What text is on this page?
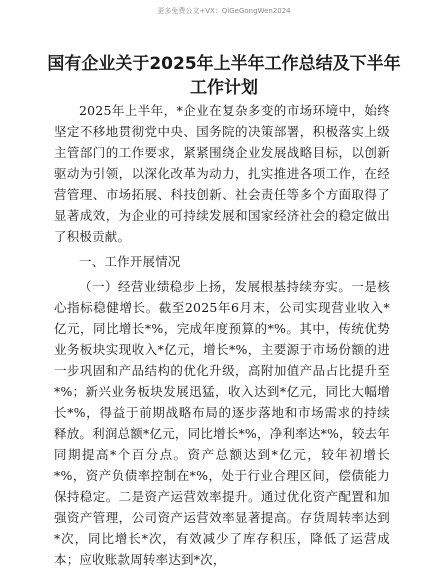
更多免费公文+VX：QiGeGongWen2024
国有企业关于2025年上半年工作总结及下半年工作计划

2025年上半年，*企业在复杂多变的市场环境中，始终坚定不移地贯彻党中央、国务院的决策部署，积极落实上级主管部门的工作要求，紧紧围绕企业发展战略目标，以创新驱动为引领，以深化改革为动力，扎实推进各项工作，在经营管理、市场拓展、科技创新、社会责任等多个方面取得了显著成效，为企业的可持续发展和国家经济社会的稳定做出了积极贡献。

一、工作开展情况

（一）经营业绩稳步上扬，发展根基持续夯实。一是核心指标稳健增长。截至2025年6月末，公司实现营业收入*亿元，同比增长*%，完成年度预算的*%。其中，传统优势业务板块实现收入*亿元，增长*%，主要源于市场份额的进一步巩固和产品结构的优化升级，高附加值产品占比提升至*%；新兴业务板块发展迅猛，收入达到*亿元，同比大幅增长*%，得益于前期战略布局的逐步落地和市场需求的持续释放。利润总额*亿元，同比增长*%，净利率达*%，较去年同期提高*个百分点。资产总额达到*亿元，较年初增长*%，资产负债率控制在*%，处于行业合理区间，偿债能力保持稳定。二是资产运营效率提升。通过优化资产配置和加强资产管理，公司资产运营效率显著提高。存货周转率达到*次，同比增长*次，有效减少了库存积压，降低了运营成本；应收账款周转率达到*次，
